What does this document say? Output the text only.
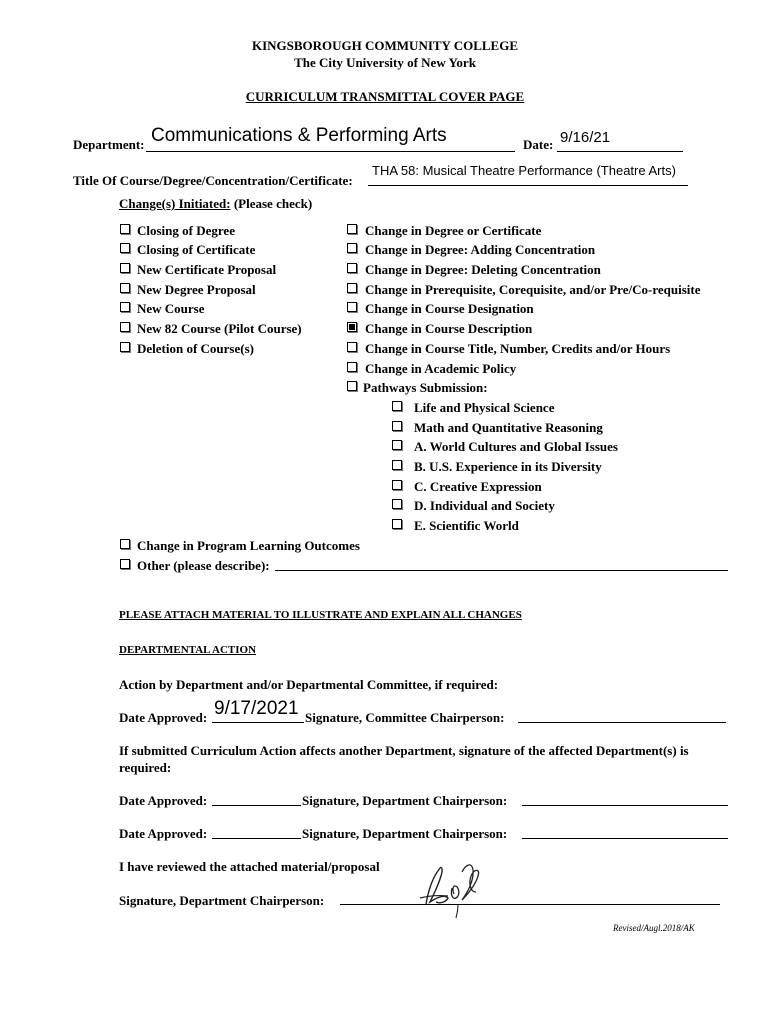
KINGSBOROUGH COMMUNITY COLLEGE
The City University of New York
CURRICULUM TRANSMITTAL COVER PAGE
Department: Communications & Performing Arts	Date: 9/16/21
Title Of Course/Degree/Concentration/Certificate:
THA 58: Musical Theatre Performance (Theatre Arts)
Change(s) Initiated: (Please check)
Closing of Degree
Closing of Certificate
New Certificate Proposal
New Degree Proposal
New Course
New 82 Course (Pilot Course)
Deletion of Course(s)
Change in Degree or Certificate
Change in Degree: Adding Concentration
Change in Degree: Deleting Concentration
Change in Prerequisite, Corequisite, and/or Pre/Co-requisite
Change in Course Designation
Change in Course Description
Change in Course Title, Number, Credits and/or Hours
Change in Academic Policy
Pathways Submission:
Life and Physical Science
Math and Quantitative Reasoning
A. World Cultures and Global Issues
B. U.S. Experience in its Diversity
C. Creative Expression
D. Individual and Society
E. Scientific World
Change in Program Learning Outcomes
Other (please describe):
PLEASE ATTACH MATERIAL TO ILLUSTRATE AND EXPLAIN ALL CHANGES
DEPARTMENTAL ACTION
Action by Department and/or Departmental Committee, if required:
Date Approved: 9/17/2021 Signature, Committee Chairperson:
If submitted Curriculum Action affects another Department, signature of the affected Department(s) is required:
Date Approved:	Signature, Department Chairperson:
Date Approved:	Signature, Department Chairperson:
I have reviewed the attached material/proposal
Signature, Department Chairperson:
Revised/Augl.2018/AK
